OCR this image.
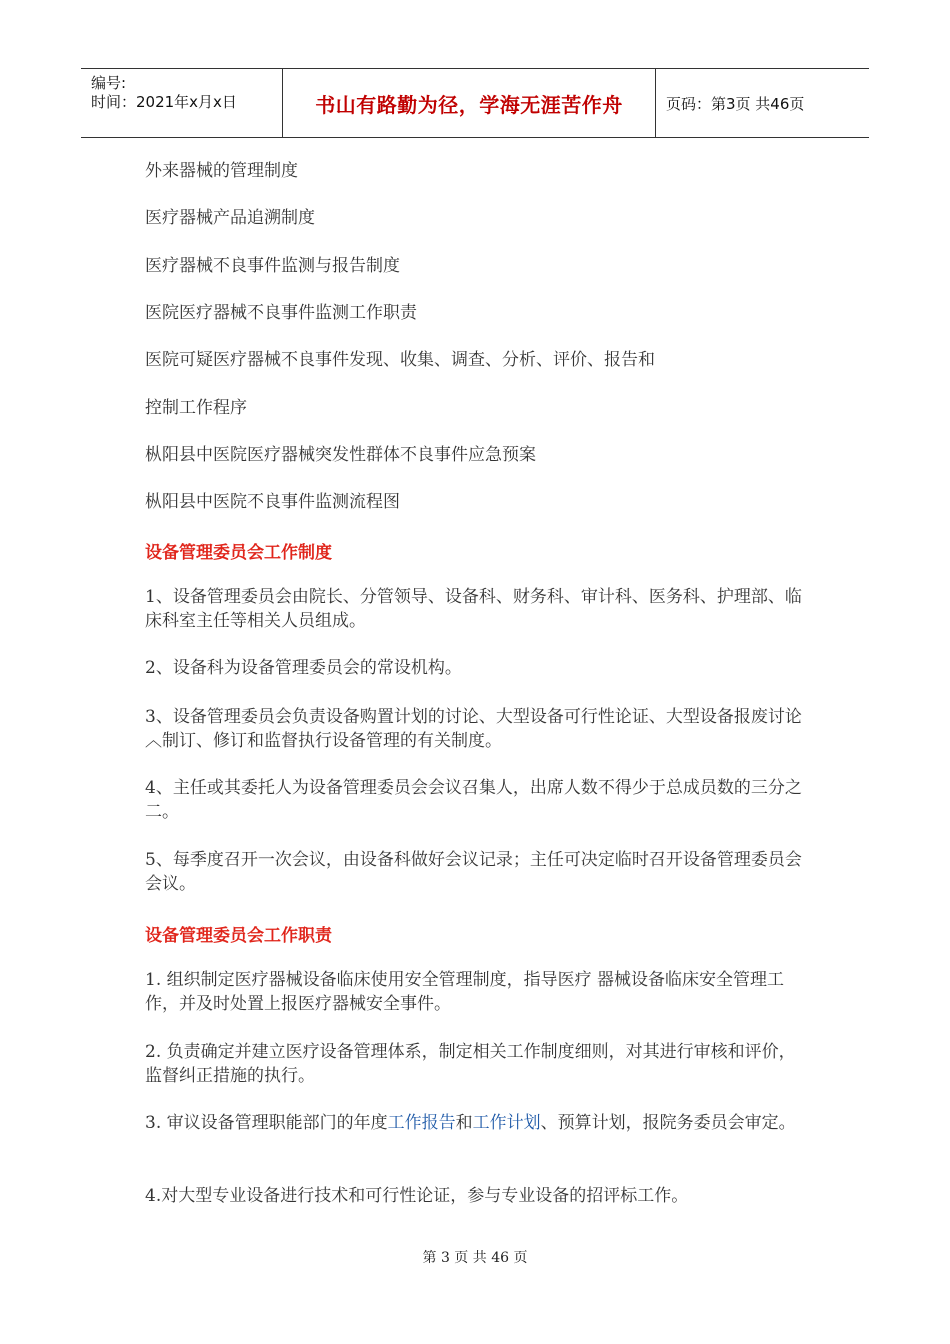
编号:
时间：2021年x月x日	书山有路勤为径，学海无涯苦作舟	页码：第3页 共46页
外来器械的管理制度
医疗器械产品追溯制度
医疗器械不良事件监测与报告制度
医院医疗器械不良事件监测工作职责
医院可疑医疗器械不良事件发现、收集、调查、分析、评价、报告和
控制工作程序
枞阳县中医院医疗器械突发性群体不良事件应急预案
枞阳县中医院不良事件监测流程图
设备管理委员会工作制度
1、设备管理委员会由院长、分管领导、设备科、财务科、审计科、医务科、护理部、临床科室主任等相关人员组成。
2、设备科为设备管理委员会的常设机构。
3、设备管理委员会负责设备购置计划的讨论、大型设备可行性论证、大型设备报废讨论︿制订、修订和监督执行设备管理的有关制度。
4、主任或其委托人为设备管理委员会会议召集人，出席人数不得少于总成员数的三分之二。
5、每季度召开一次会议，由设备科做好会议记录；主任可决定临时召开设备管理委员会会议。
设备管理委员会工作职责
1. 组织制定医疗器械设备临床使用安全管理制度，指导医疗 器械设备临床安全管理工作，并及时处置上报医疗器械安全事件。
2. 负责确定并建立医疗设备管理体系，制定相关工作制度细则，对其进行审核和评价，监督纠正措施的执行。
3. 审议设备管理职能部门的年度工作报告和工作计划、预算计划，报院务委员会审定。
4.对大型专业设备进行技术和可行性论证，参与专业设备的招评标工作。
第 3 页 共 46 页
